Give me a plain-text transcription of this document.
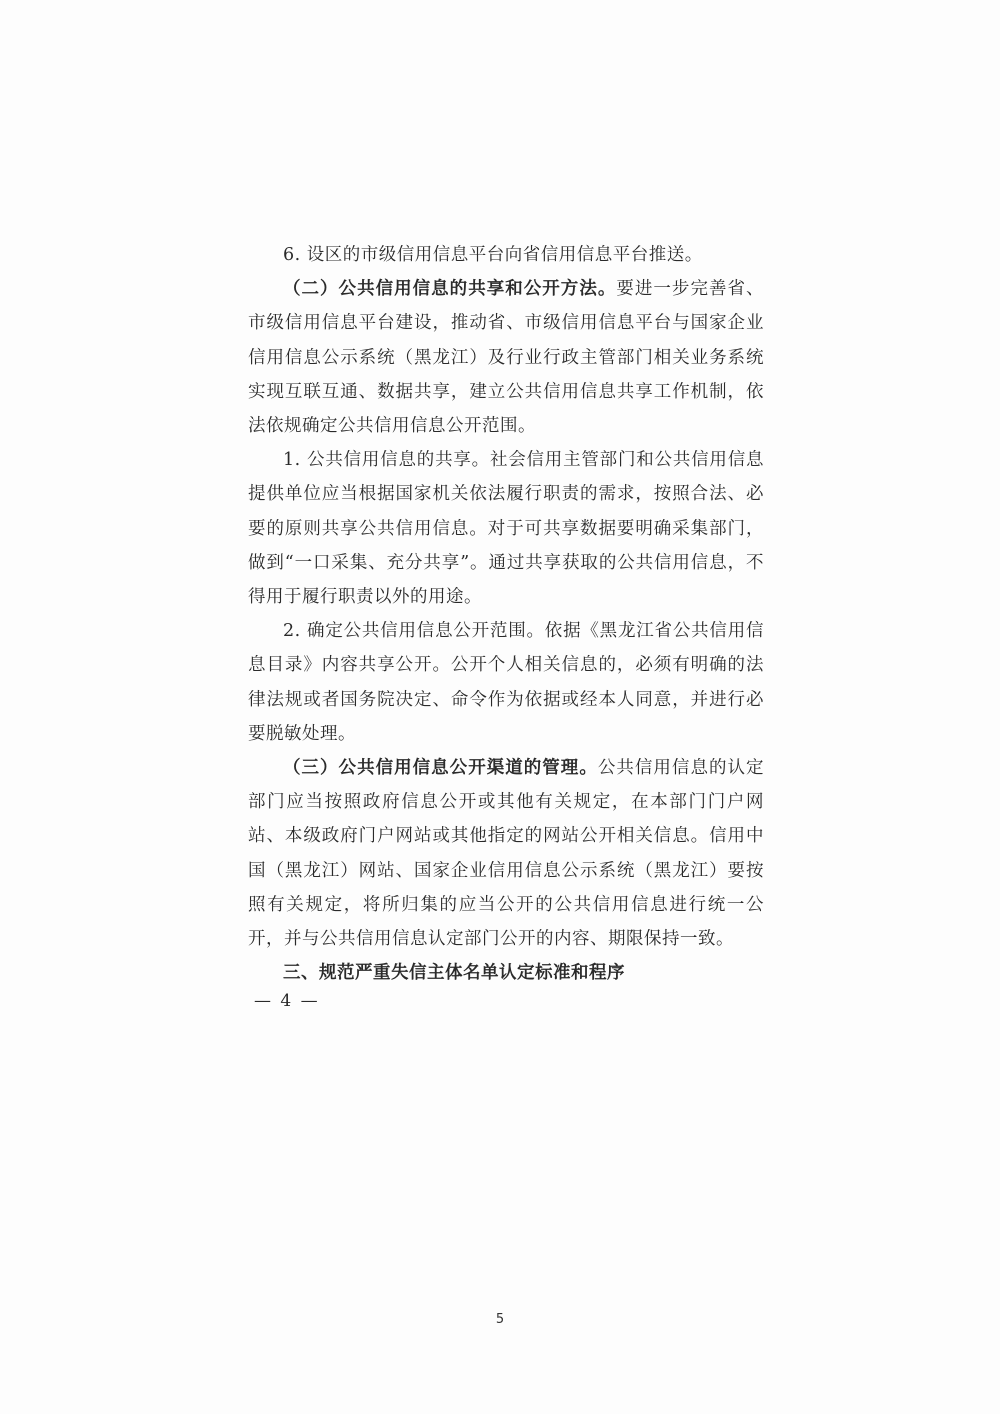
6. 设区的市级信用信息平台向省信用信息平台推送。

（二）公共信用信息的共享和公开方法。要进一步完善省、市级信用信息平台建设，推动省、市级信用信息平台与国家企业信用信息公示系统（黑龙江）及行业行政主管部门相关业务系统实现互联互通、数据共享，建立公共信用信息共享工作机制，依法依规确定公共信用信息公开范围。

1. 公共信用信息的共享。社会信用主管部门和公共信用信息提供单位应当根据国家机关依法履行职责的需求，按照合法、必要的原则共享公共信用信息。对于可共享数据要明确采集部门，做到“一口采集、充分共享”。通过共享获取的公共信用信息，不得用于履行职责以外的用途。

2. 确定公共信用信息公开范围。依据《黑龙江省公共信用信息目录》内容共享公开。公开个人相关信息的，必须有明确的法律法规或者国务院决定、命令作为依据或经本人同意，并进行必要脱敏处理。

（三）公共信用信息公开渠道的管理。公共信用信息的认定部门应当按照政府信息公开或其他有关规定，在本部门门户网站、本级政府门户网站或其他指定的网站公开相关信息。信用中国（黑龙江）网站、国家企业信用信息公示系统（黑龙江）要按照有关规定，将所归集的应当公开的公共信用信息进行统一公开，并与公共信用信息认定部门公开的内容、期限保持一致。

三、规范严重失信主体名单认定标准和程序
— 4 —
5
